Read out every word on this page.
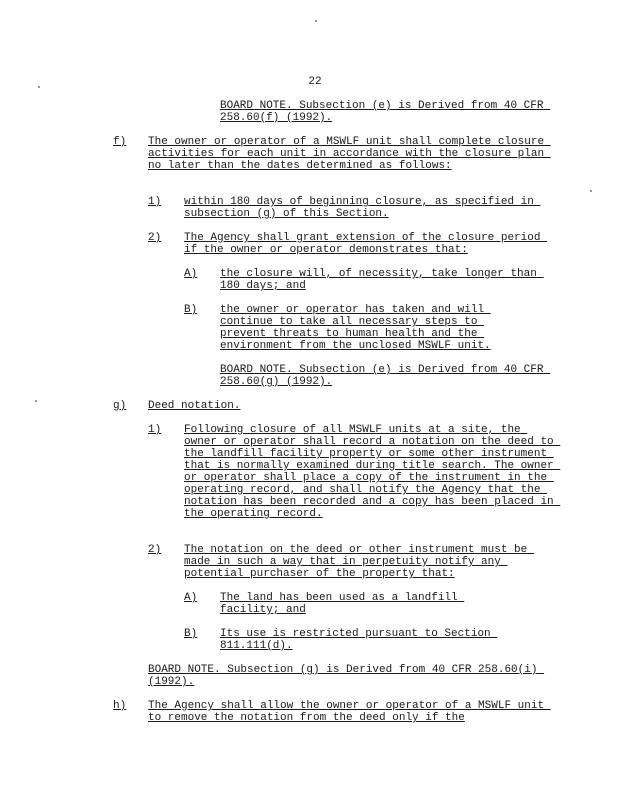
22
BOARD NOTE. Subsection (e) is Derived from 40 CFR 258.60(f) (1992).
f) The owner or operator of a MSWLF unit shall complete closure activities for each unit in accordance with the closure plan no later than the dates determined as follows:
1) within 180 days of beginning closure, as specified in subsection (g) of this Section.
2) The Agency shall grant extension of the closure period if the owner or operator demonstrates that:
A) the closure will, of necessity, take longer than 180 days; and
B) the owner or operator has taken and will continue to take all necessary steps to prevent threats to human health and the environment from the unclosed MSWLF unit.
BOARD NOTE. Subsection (e) is Derived from 40 CFR 258.60(g) (1992).
g) Deed notation.
1) Following closure of all MSWLF units at a site, the owner or operator shall record a notation on the deed to the landfill facility property or some other instrument that is normally examined during title search. The owner or operator shall place a copy of the instrument in the operating record, and shall notify the Agency that the notation has been recorded and a copy has been placed in the operating record.
2) The notation on the deed or other instrument must be made in such a way that in perpetuity notify any potential purchaser of the property that:
A) The land has been used as a landfill facility; and
B) Its use is restricted pursuant to Section 811.111(d).
BOARD NOTE. Subsection (g) is Derived from 40 CFR 258.60(i) (1992).
h) The Agency shall allow the owner or operator of a MSWLF unit to remove the notation from the deed only if the
